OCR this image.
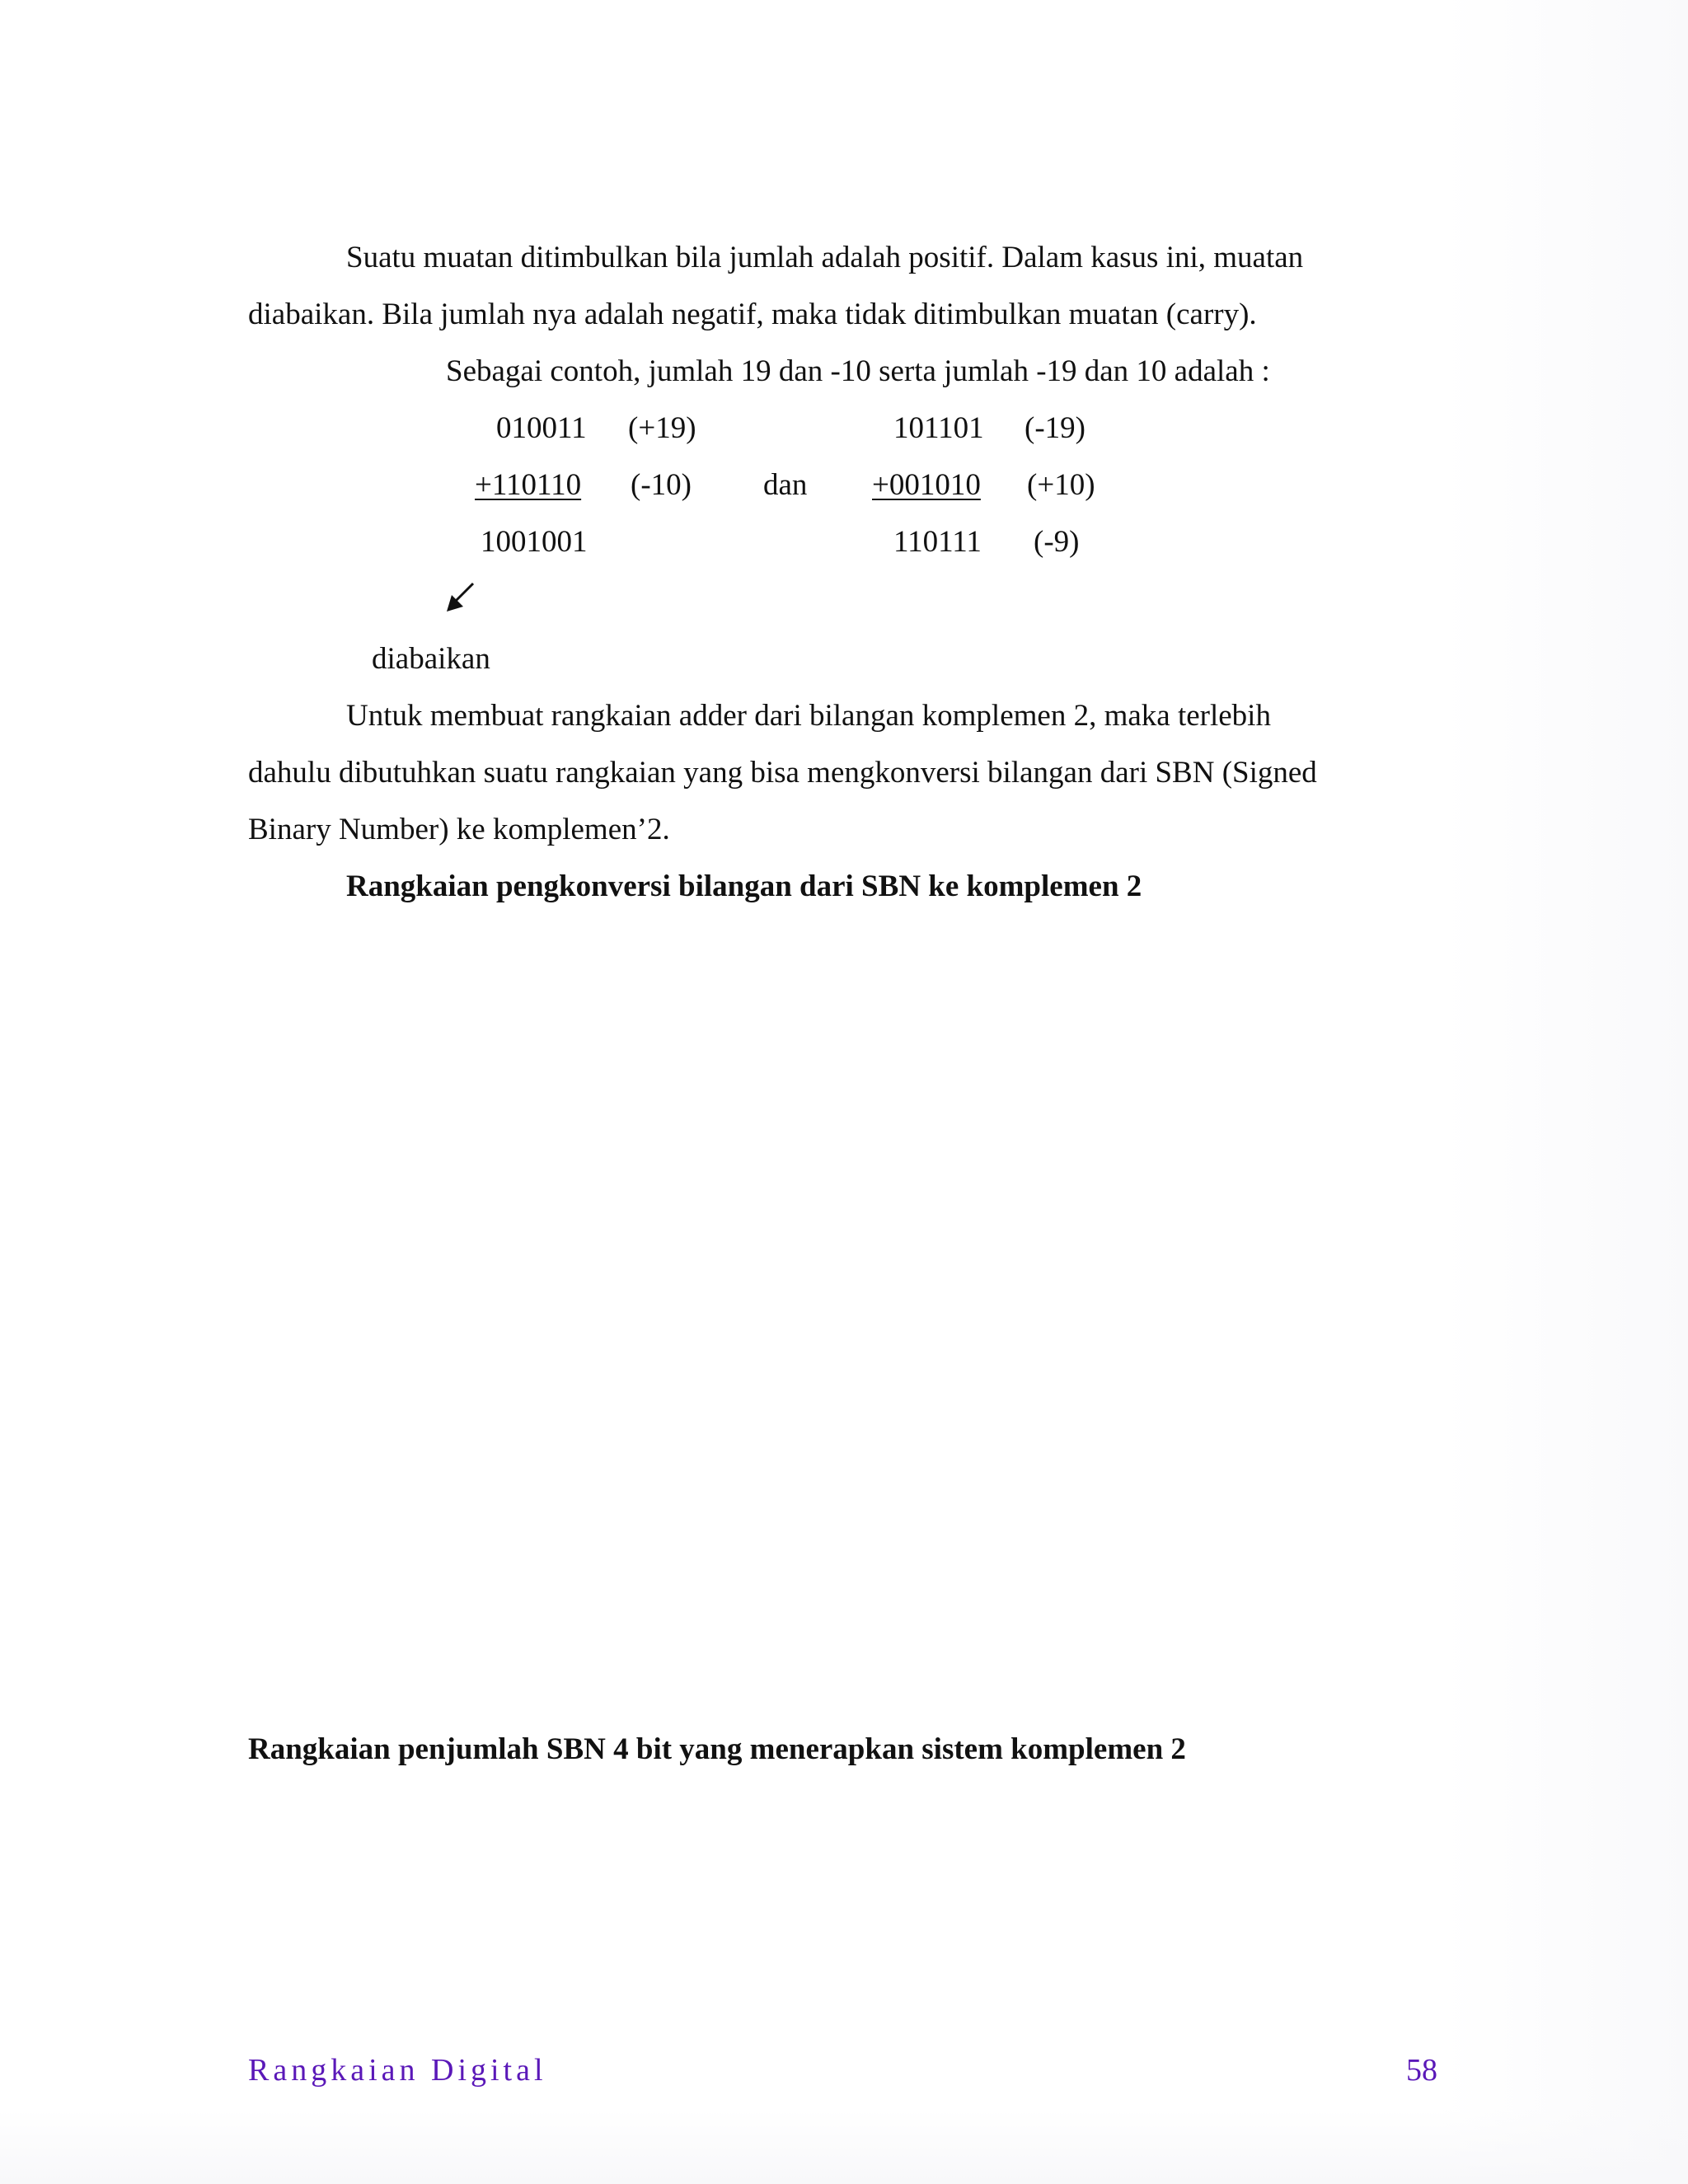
Suatu muatan ditimbulkan bila jumlah adalah positif. Dalam kasus ini, muatan
diabaikan. Bila jumlah nya adalah negatif, maka tidak ditimbulkan muatan (carry).
Sebagai contoh, jumlah 19 dan -10 serta jumlah -19 dan 10 adalah :
010011 (+19)
+110110 (-10)
1001001
dan
101101 (-19)
+001010 (+10)
110111 (-9)
diabaikan
Untuk membuat rangkaian adder dari bilangan komplemen 2, maka terlebih
dahulu dibutuhkan suatu rangkaian yang bisa mengkonversi bilangan dari SBN (Signed
Binary Number) ke komplemen’2.
Rangkaian pengkonversi bilangan dari SBN ke komplemen 2
Rangkaian penjumlah SBN 4 bit yang menerapkan sistem komplemen 2
Rangkaian Digital	58
